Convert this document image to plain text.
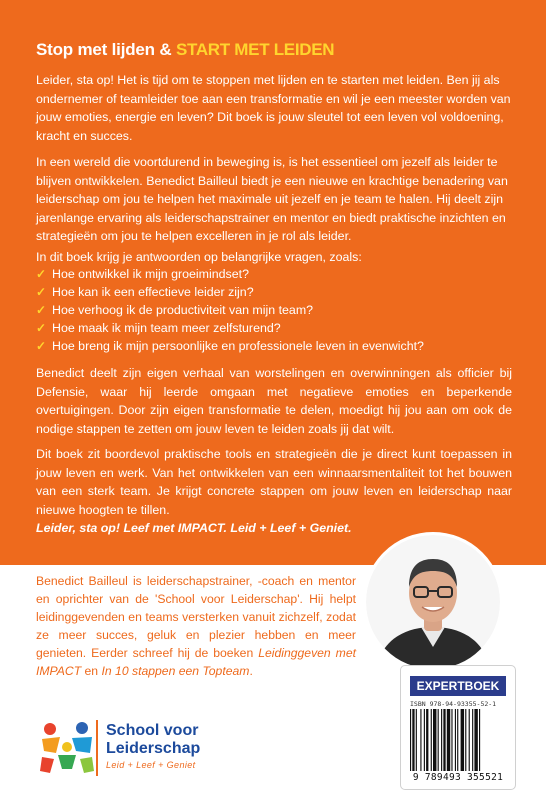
Stop met lijden & START MET LEIDEN

Leider, sta op! Het is tijd om te stoppen met lijden en te starten met leiden. Ben jij als ondernemer of teamleider toe aan een transformatie en wil je een meester worden van jouw emoties, energie en leven? Dit boek is jouw sleutel tot een leven vol voldoening, kracht en succes.

In een wereld die voortdurend in beweging is, is het essentieel om jezelf als leider te blijven ontwikkelen. Benedict Bailleul biedt je een nieuwe en krachtige benadering van leiderschap om jou te helpen het maximale uit jezelf en je team te halen. Hij deelt zijn jarenlange ervaring als leiderschapstrainer en mentor en biedt praktische inzichten en strategieën om jou te helpen excelleren in je rol als leider.

In dit boek krijg je antwoorden op belangrijke vragen, zoals:

✓ Hoe ontwikkel ik mijn groeimindset?
✓ Hoe kan ik een effectieve leider zijn?
✓ Hoe verhoog ik de productiviteit van mijn team?
✓ Hoe maak ik mijn team meer zelfsturend?
✓ Hoe breng ik mijn persoonlijke en professionele leven in evenwicht?

Benedict deelt zijn eigen verhaal van worstelingen en overwinningen als officier bij Defensie, waar hij leerde omgaan met negatieve emoties en beperkende overtuigingen. Door zijn eigen transformatie te delen, moedigt hij jou aan om ook de nodige stappen te zetten om jouw leven te leiden zoals jij dat wilt.

Dit boek zit boordevol praktische tools en strategieën die je direct kunt toepassen in jouw leven en werk. Van het ontwikkelen van een winnaarsmentaliteit tot het bouwen van een sterk team. Je krijgt concrete stappen om jouw leven en leiderschap naar nieuwe hoogten te tillen.

Leider, sta op! Leef met IMPACT. Leid + Leef + Geniet.

Benedict Bailleul is leiderschapstrainer, -coach en mentor en oprichter van de 'School voor Leiderschap'. Hij helpt leidinggevenden en teams versterken vanuit zichzelf, zodat ze meer succes, geluk en plezier hebben en meer genieten. Eerder schreef hij de boeken Leidinggeven met IMPACT en In 10 stappen een Topteam.

School voor
Leiderschap

Leid + Leef + Geniet
EXPERTBOEK
ISBN 978-94-93355-52-1
9 789493 355521
